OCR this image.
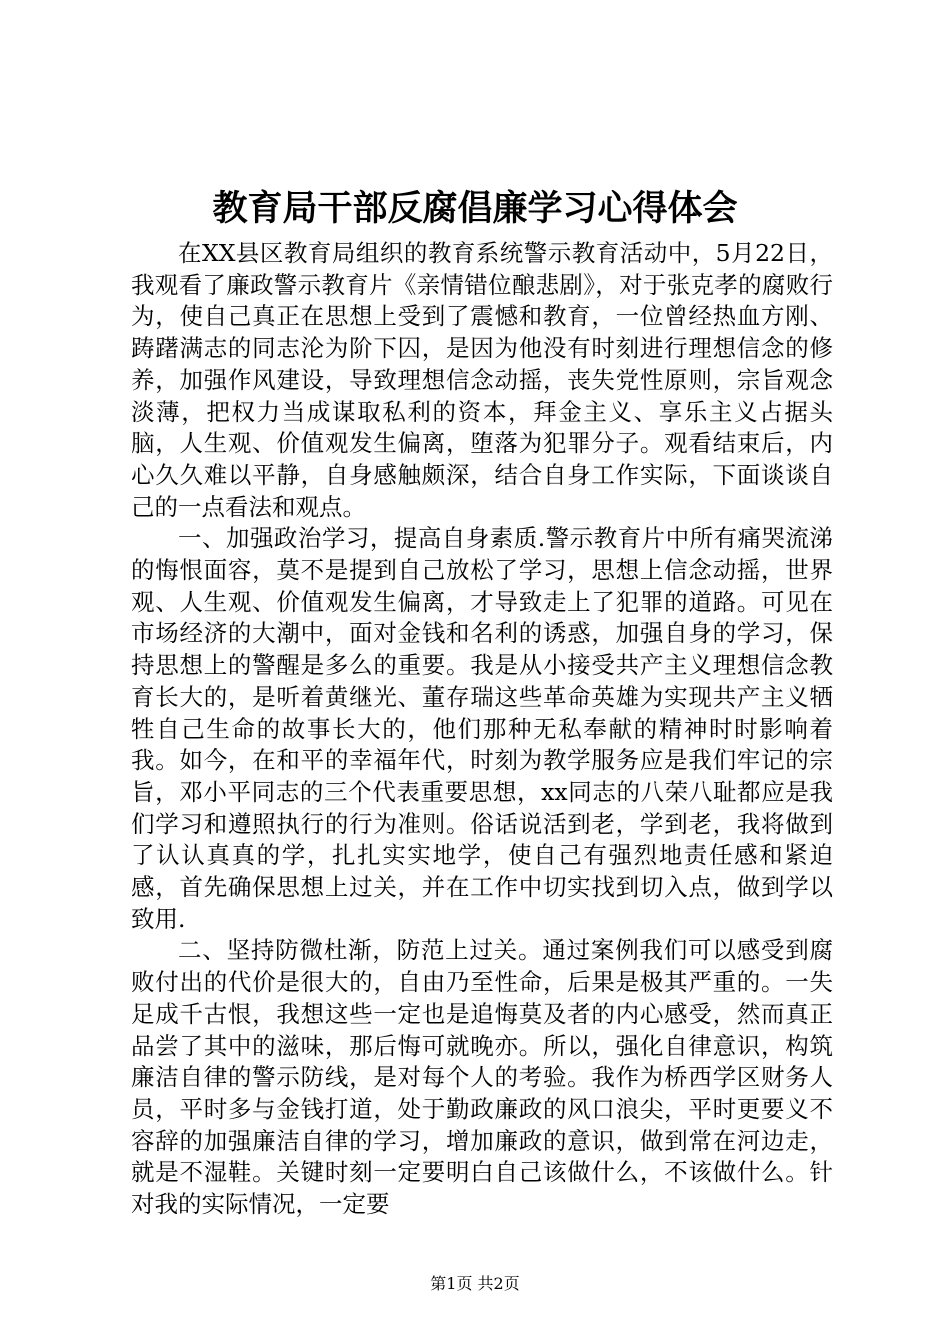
教育局干部反腐倡廉学习心得体会

在XX县区教育局组织的教育系统警示教育活动中，5月22日，我观看了廉政警示教育片《亲情错位酿悲剧》，对于张克孝的腐败行为，使自己真正在思想上受到了震憾和教育，一位曾经热血方刚、踌躇满志的同志沦为阶下囚，是因为他没有时刻进行理想信念的修养，加强作风建设，导致理想信念动摇，丧失党性原则，宗旨观念淡薄，把权力当成谋取私利的资本，拜金主义、享乐主义占据头脑，人生观、价值观发生偏离，堕落为犯罪分子。观看结束后，内心久久难以平静，自身感触颇深，结合自身工作实际，下面谈谈自己的一点看法和观点。

一、加强政治学习，提高自身素质.警示教育片中所有痛哭流涕的悔恨面容，莫不是提到自己放松了学习，思想上信念动摇，世界观、人生观、价值观发生偏离，才导致走上了犯罪的道路。可见在市场经济的大潮中，面对金钱和名利的诱惑，加强自身的学习，保持思想上的警醒是多么的重要。我是从小接受共产主义理想信念教育长大的，是听着黄继光、董存瑞这些革命英雄为实现共产主义牺牲自己生命的故事长大的，他们那种无私奉献的精神时时影响着我。如今，在和平的幸福年代，时刻为教学服务应是我们牢记的宗旨，邓小平同志的三个代表重要思想，xx同志的八荣八耻都应是我们学习和遵照执行的行为准则。俗话说活到老，学到老，我将做到了认认真真的学，扎扎实实地学，使自己有强烈地责任感和紧迫感，首先确保思想上过关，并在工作中切实找到切入点，做到学以致用.

二、坚持防微杜渐，防范上过关。通过案例我们可以感受到腐败付出的代价是很大的，自由乃至性命，后果是极其严重的。一失足成千古恨，我想这些一定也是追悔莫及者的内心感受，然而真正品尝了其中的滋味，那后悔可就晚亦。所以，强化自律意识，构筑廉洁自律的警示防线，是对每个人的考验。我作为桥西学区财务人员，平时多与金钱打道，处于勤政廉政的风口浪尖，平时更要义不容辞的加强廉洁自律的学习，增加廉政的意识，做到常在河边走，就是不湿鞋。关键时刻一定要明白自己该做什么，不该做什么。针对我的实际情况，一定要

第1页 共2页
